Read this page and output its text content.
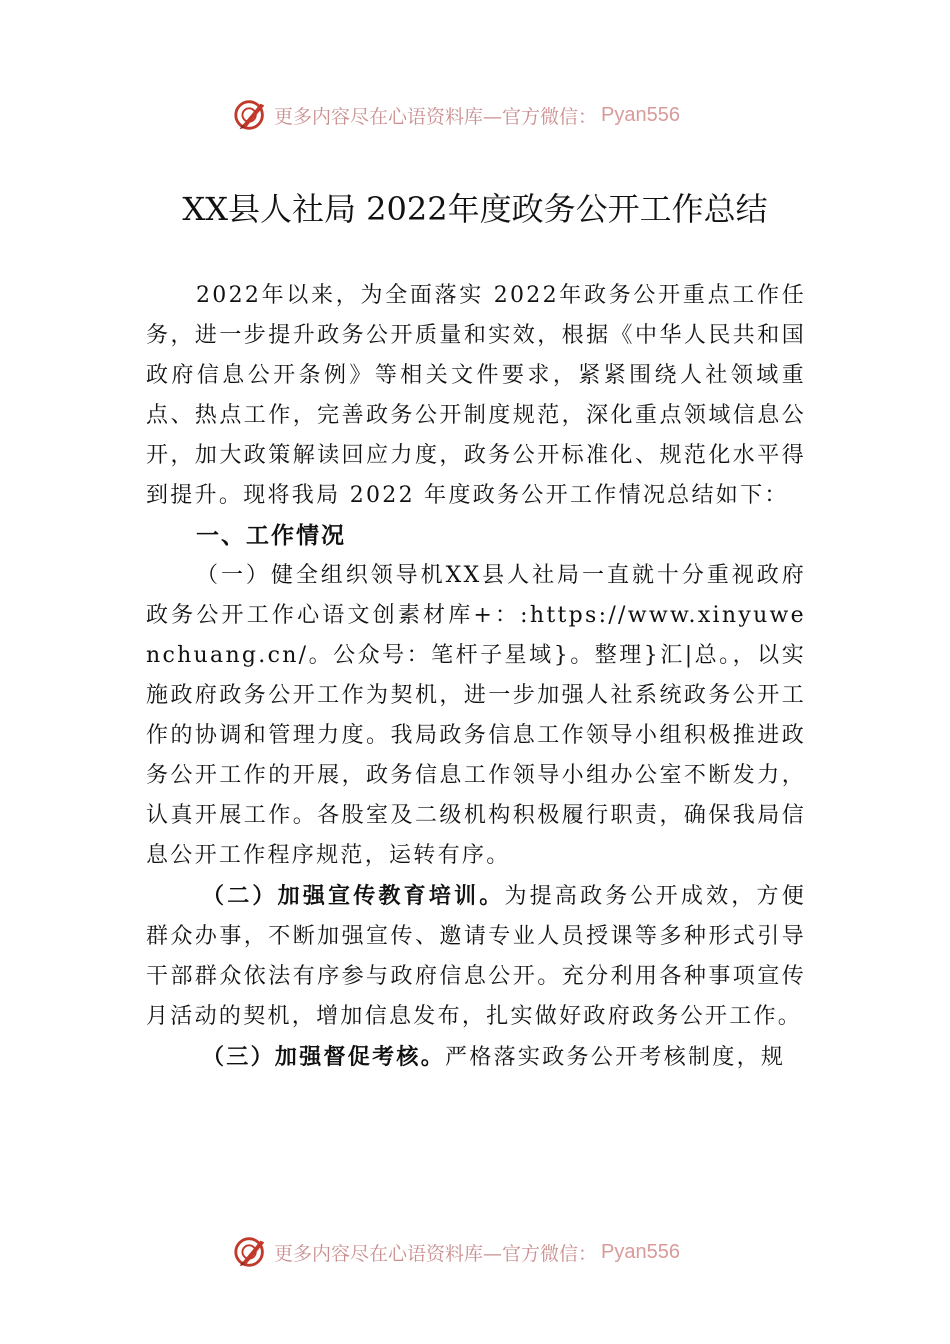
更多内容尽在心语资料库—官方微信： Pyan556
XX县人社局 2022年度政务公开工作总结

2022年以来，为全面落实 2022年政务公开重点工作任务，进一步提升政务公开质量和实效，根据《中华人民共和国政府信息公开条例》等相关文件要求，紧紧围绕人社领域重点、热点工作，完善政务公开制度规范，深化重点领域信息公开，加大政策解读回应力度，政务公开标准化、规范化水平得到提升。现将我局 2022 年度政务公开工作情况总结如下：

一、工作情况

（一）健全组织领导机XX县人社局一直就十分重视政府政务公开工作心语文创素材库+：:https://www.xinyuwenchuang.cn/。公众号：笔杆子星域}。整理}汇|总。，以实施政府政务公开工作为契机，进一步加强人社系统政务公开工作的协调和管理力度。我局政务信息工作领导小组积极推进政务公开工作的开展，政务信息工作领导小组办公室不断发力，认真开展工作。各股室及二级机构积极履行职责，确保我局信息公开工作程序规范，运转有序。

（二）加强宣传教育培训。为提高政务公开成效，方便群众办事，不断加强宣传、邀请专业人员授课等多种形式引导干部群众依法有序参与政府信息公开。充分利用各种事项宣传月活动的契机，增加信息发布，扎实做好政府政务公开工作。

（三）加强督促考核。严格落实政务公开考核制度，规

更多内容尽在心语资料库—官方微信： Pyan556
